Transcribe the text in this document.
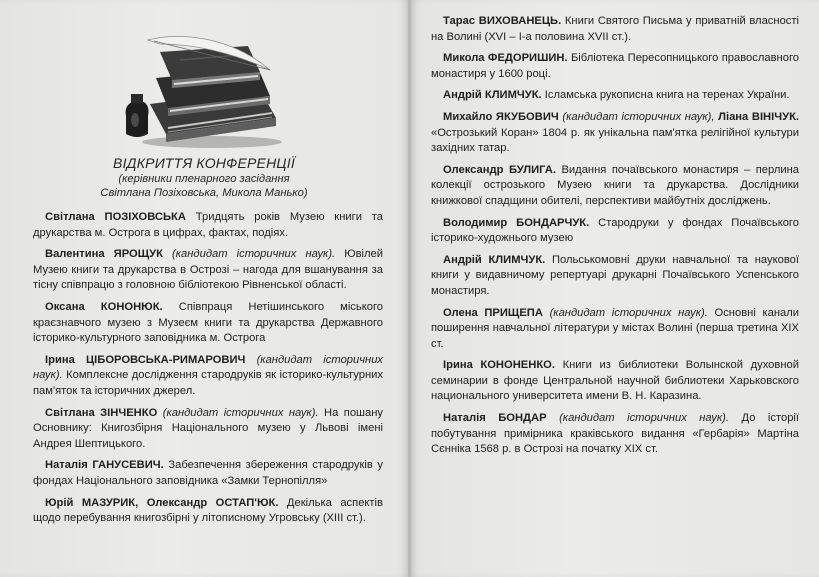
ВІДКРИТТЯ КОНФЕРЕНЦІЇ
(керівники пленарного засідання
Світлана Позіховська, Микола Манько)

Світлана ПОЗІХОВСЬКА Тридцять років Музею книги та друкарства м. Острога в цифрах, фактах, подіях.

Валентина ЯРОЩУК (кандидат історичних наук). Ювілей Музею книги та друкарства в Острозі – нагода для вшанування за тісну співпрацю з головною бібліотекою Рівненської області.

Оксана КОНОНЮК. Співпраця Нетішинського міського краєзнавчого музею з Музеєм книги та друкарства Державного історико-культурного заповідника м. Острога

Ірина ЦІБОРОВСЬКА-РИМАРОВИЧ (кандидат історичних наук). Комплексне дослідження стародруків як історико-культурних пам'яток та історичних джерел.

Світлана ЗІНЧЕНКО (кандидат історичних наук). На пошану Основнику: Книгозбірня Національного музею у Львові імені Андрея Шептицького.

Наталія ГАНУСЕВИЧ. Забезпечення збереження стародруків у фондах Національного заповідника «Замки Тернопілля»

Юрій МАЗУРИК, Олександр ОСТАП'ЮК. Декілька аспектів щодо перебування книгозбірні у літописному Угровську (XIII ст.).

Тарас ВИХОВАНЕЦЬ. Книги Святого Письма у приватній власності на Волині (XVI – І-а половина XVII ст.).

Микола ФЕДОРИШИН. Бібліотека Пересопницького православного монастиря у 1600 році.

Андрій КЛИМЧУК. Ісламська рукописна книга на теренах України.

Михайло ЯКУБОВИЧ (кандидат історичних наук), Ліана ВІНІЧУК. «Острозький Коран» 1804 р. як унікальна пам'ятка релігійної культури західних татар.

Олександр БУЛИГА. Видання почаївського монастиря – перлина колекції острозького Музею книги та друкарства. Дослідники книжкової спадщини обителі, перспективи майбутніх досліджень.

Володимир БОНДАРЧУК. Стародруки у фондах Почаївського історико-художнього музею

Андрій КЛИМЧУК. Польськомовні друки навчальної та наукової книги у видавничому репертуарі друкарні Почаївського Успенського монастиря.

Олена ПРИЩЕПА (кандидат історичних наук). Основні канали поширення навчальної літератури у містах Волині (перша третина XIX ст.

Ірина КОНОНЕНКО. Книги из библиотеки Волынской духовной семинарии в фонде Центральной научной библиотеки Харьковского национального университета имени В. Н. Каразина.

Наталія БОНДАР (кандидат історичних наук). До історії побутування примірника краківського видання «Гербарія» Мартіна Сєнніка 1568 р. в Острозі на початку XIX ст.
